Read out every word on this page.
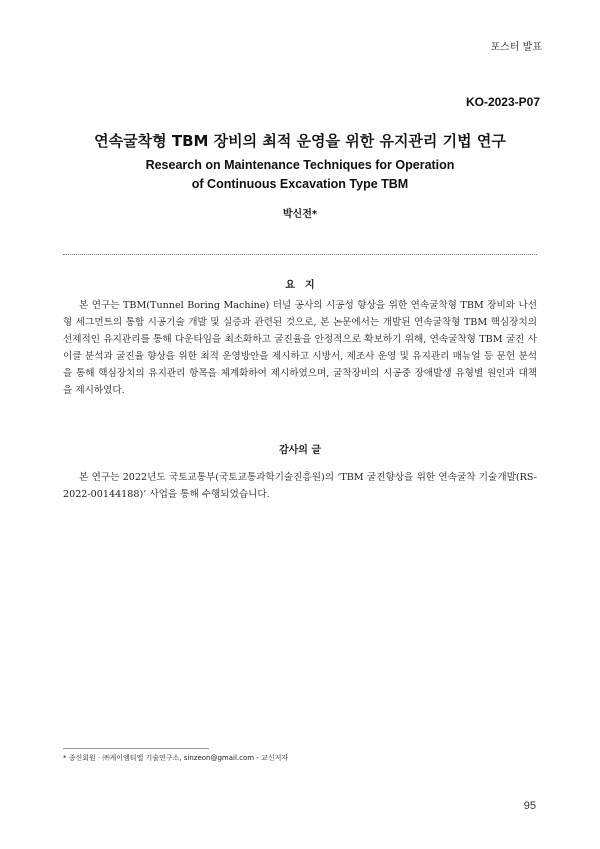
포스터 발표
KO-2023-P07
연속굴착형 TBM 장비의 최적 운영을 위한 유지관리 기법 연구
Research on Maintenance Techniques for Operation
of Continuous Excavation Type TBM
박신전*
요지
본 연구는 TBM(Tunnel Boring Machine) 터널 공사의 시공성 향상을 위한 연속굴착형 TBM 장비와 나선형 세그먼트의 통합 시공기술 개발 및 실증과 관련된 것으로, 본 논문에서는 개발된 연속굴착형 TBM 핵심장치의 선제적인 유지관리를 통해 다운타임을 최소화하고 굴진율을 안정적으로 확보하기 위해, 연속굴착형 TBM 굴진 사이클 분석과 굴진율 향상을 위한 최적 운영방안을 제시하고 시방서, 제조사 운영 및 유지관리 매뉴얼 등 문헌 분석을 통해 핵심장치의 유지관리 항목을 체계화하여 제시하였으며, 굴착장비의 시공중 장애발생 유형별 원인과 대책을 제시하였다.
감사의 글
본 연구는 2022년도 국토교통부(국토교통과학기술진흥원)의 ‘TBM 굴진향상을 위한 연속굴착 기술개발(RS-2022-00144188)’ 사업을 통해 수행되었습니다.
* 종신회원 · ㈜케이엠티엘 기술연구소, sinzeon@gmail.com - 교신저자
95
